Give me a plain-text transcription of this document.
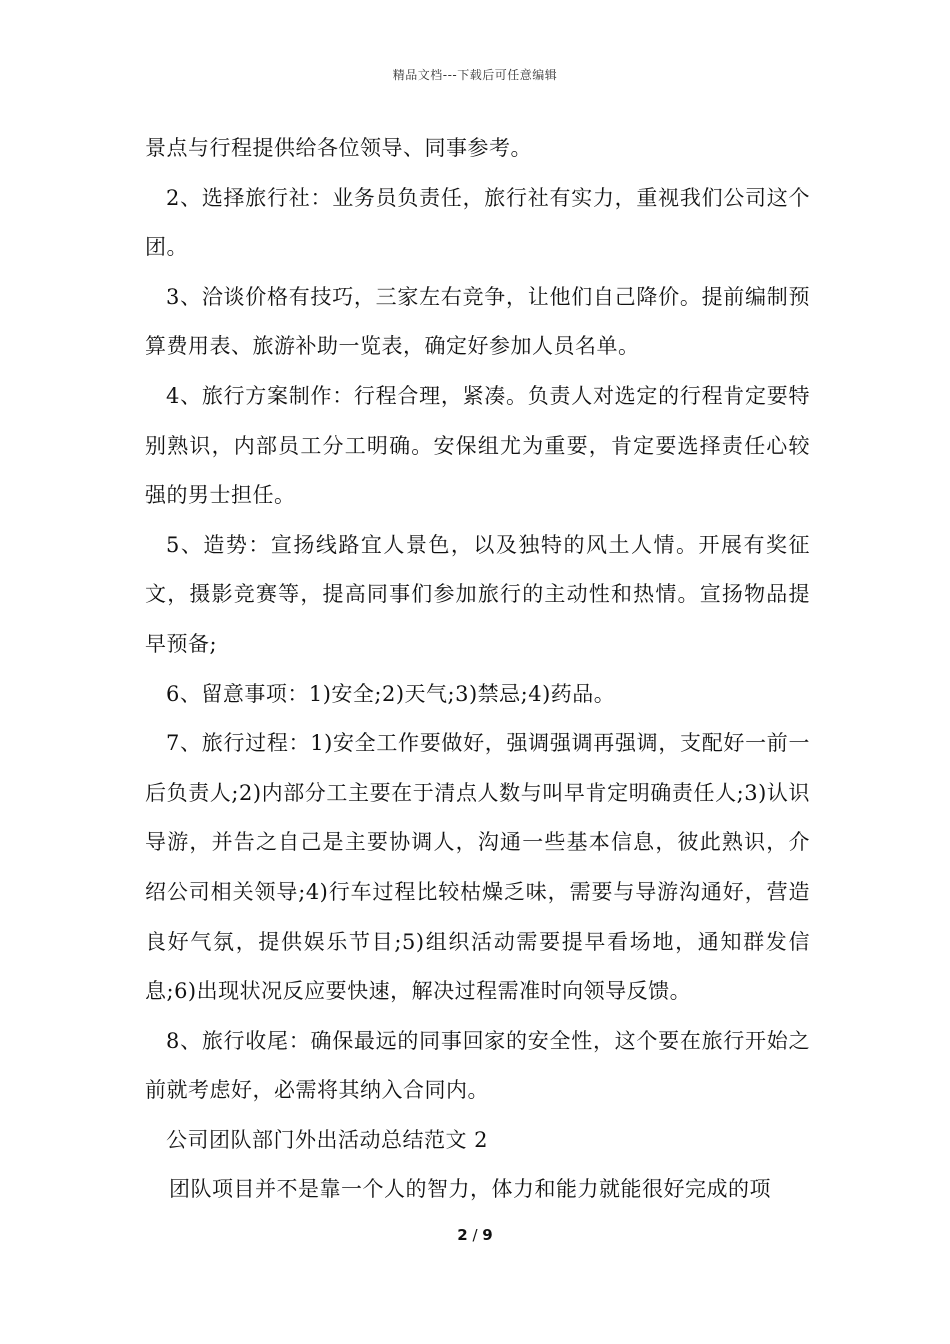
精品文档---下载后可任意编辑

景点与行程提供给各位领导、同事参考。

2、选择旅行社：业务员负责任，旅行社有实力，重视我们公司这个团。

3、洽谈价格有技巧，三家左右竞争，让他们自己降价。提前编制预算费用表、旅游补助一览表，确定好参加人员名单。

4、旅行方案制作：行程合理，紧凑。负责人对选定的行程肯定要特别熟识，内部员工分工明确。安保组尤为重要，肯定要选择责任心较强的男士担任。

5、造势：宣扬线路宜人景色，以及独特的风土人情。开展有奖征文，摄影竞赛等，提高同事们参加旅行的主动性和热情。宣扬物品提早预备;

6、留意事项：1)安全;2)天气;3)禁忌;4)药品。

7、旅行过程：1)安全工作要做好，强调强调再强调，支配好一前一后负责人;2)内部分工主要在于清点人数与叫早肯定明确责任人;3)认识导游，并告之自己是主要协调人，沟通一些基本信息，彼此熟识，介绍公司相关领导;4)行车过程比较枯燥乏味，需要与导游沟通好，营造良好气氛，提供娱乐节目;5)组织活动需要提早看场地，通知群发信息;6)出现状况反应要快速，解决过程需准时向领导反馈。

8、旅行收尾：确保最远的同事回家的安全性，这个要在旅行开始之前就考虑好，必需将其纳入合同内。

公司团队部门外出活动总结范文 2

团队项目并不是靠一个人的智力，体力和能力就能很好完成的项

2 / 9
